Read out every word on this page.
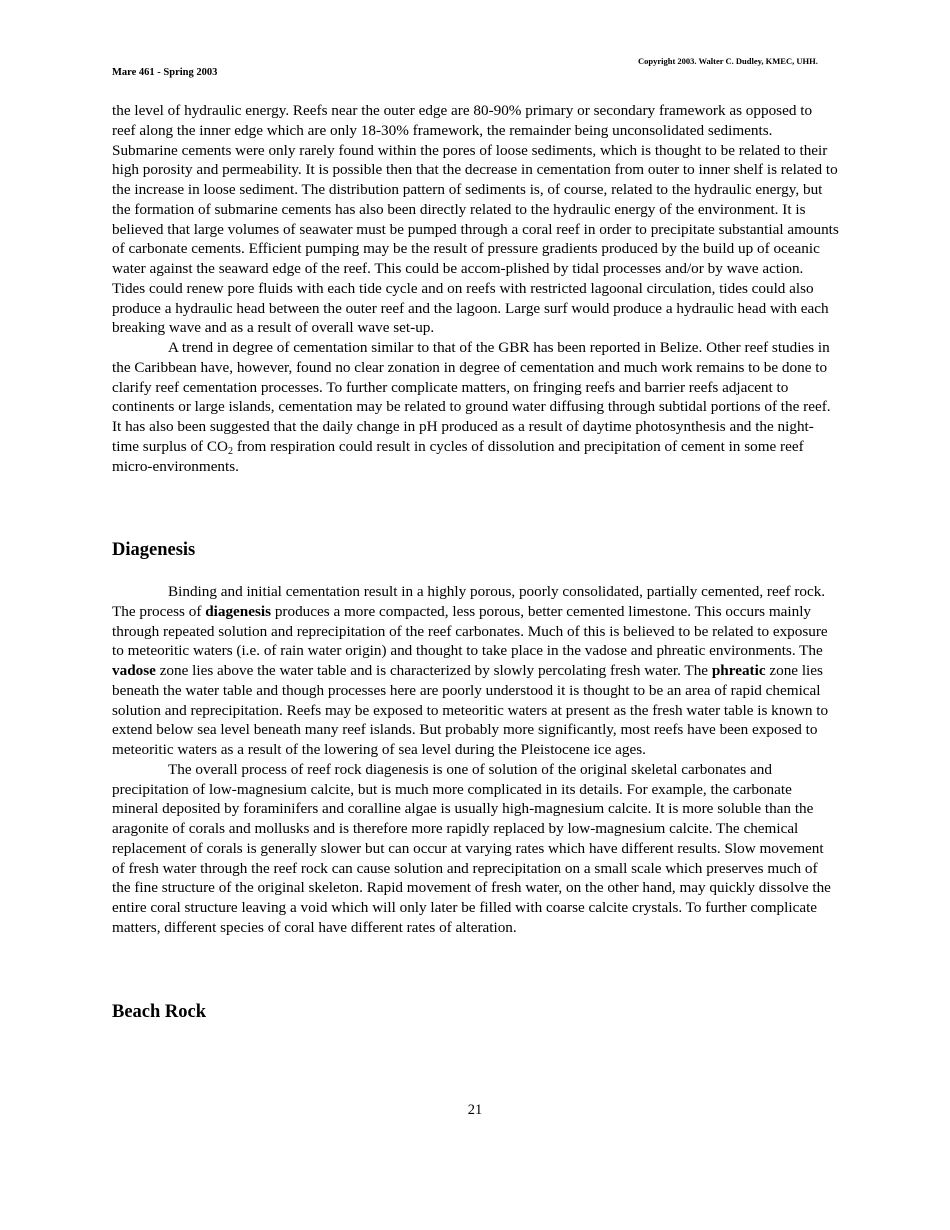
Copyright 2003. Walter C. Dudley, KMEC, UHH.
Mare 461 - Spring 2003

the level of hydraulic energy. Reefs near the outer edge are 80-90% primary or secondary framework as opposed to reef along the inner edge which are only 18-30% framework, the remainder being unconsolidated sediments. Submarine cements were only rarely found within the pores of loose sediments, which is thought to be related to their high porosity and permeability. It is possible then that the decrease in cementation from outer to inner shelf is related to the increase in loose sediment. The distribution pattern of sediments is, of course, related to the hydraulic energy, but the formation of submarine cements has also been directly related to the hydraulic energy of the environment. It is believed that large volumes of seawater must be pumped through a coral reef in order to precipitate substantial amounts of carbonate cements. Efficient pumping may be the result of pressure gradients produced by the build up of oceanic water against the seaward edge of the reef. This could be accom-plished by tidal processes and/or by wave action. Tides could renew pore fluids with each tide cycle and on reefs with restricted lagoonal circulation, tides could also produce a hydraulic head between the outer reef and the lagoon. Large surf would produce a hydraulic head with each breaking wave and as a result of overall wave set-up.

A trend in degree of cementation similar to that of the GBR has been reported in Belize. Other reef studies in the Caribbean have, however, found no clear zonation in degree of cementation and much work remains to be done to clarify reef cementation processes. To further complicate matters, on fringing reefs and barrier reefs adjacent to continents or large islands, cementation may be related to ground water diffusing through subtidal portions of the reef. It has also been suggested that the daily change in pH produced as a result of daytime photosynthesis and the night-time surplus of $CO_2$ from respiration could result in cycles of dissolution and precipitation of cement in some reef micro-environments.

Diagenesis

Binding and initial cementation result in a highly porous, poorly consolidated, partially cemented, reef rock. The process of diagenesis produces a more compacted, less porous, better cemented limestone. This occurs mainly through repeated solution and reprecipitation of the reef carbonates. Much of this is believed to be related to exposure to meteoritic waters (i.e. of rain water origin) and thought to take place in the vadose and phreatic environments. The vadose zone lies above the water table and is characterized by slowly percolating fresh water. The phreatic zone lies beneath the water table and though processes here are poorly understood it is thought to be an area of rapid chemical solution and reprecipitation. Reefs may be exposed to meteoritic waters at present as the fresh water table is known to extend below sea level beneath many reef islands. But probably more significantly, most reefs have been exposed to meteoritic waters as a result of the lowering of sea level during the Pleistocene ice ages.

The overall process of reef rock diagenesis is one of solution of the original skeletal carbonates and precipitation of low-magnesium calcite, but is much more complicated in its details. For example, the carbonate mineral deposited by foraminifers and coralline algae is usually high-magnesium calcite. It is more soluble than the aragonite of corals and mollusks and is therefore more rapidly replaced by low-magnesium calcite. The chemical replacement of corals is generally slower but can occur at varying rates which have different results. Slow movement of fresh water through the reef rock can cause solution and reprecipitation on a small scale which preserves much of the fine structure of the original skeleton. Rapid movement of fresh water, on the other hand, may quickly dissolve the entire coral structure leaving a void which will only later be filled with coarse calcite crystals. To further complicate matters, different species of coral have different rates of alteration.

Beach Rock
21
